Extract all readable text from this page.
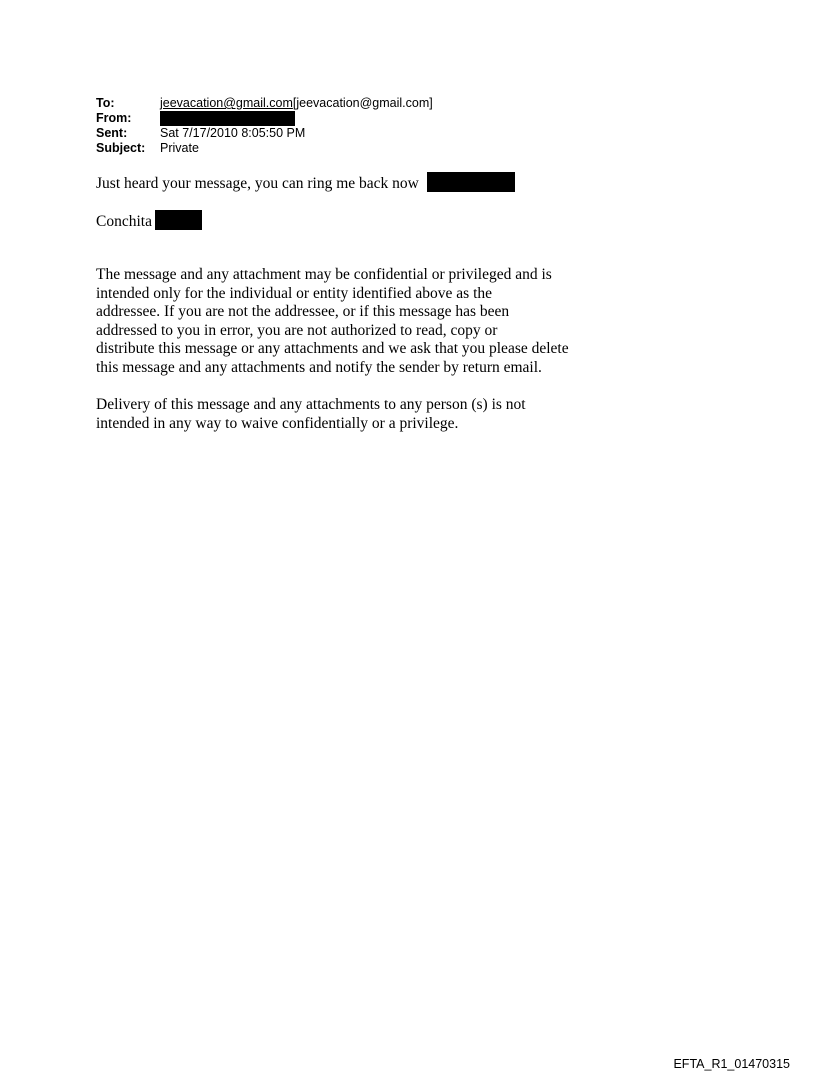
To:	jeevacation@gmail.com[jeevacation@gmail.com]
From:
Sent:	Sat 7/17/2010 8:05:50 PM
Subject:	Private
Just heard your message, you can ring me back now
Conchita
The message and any attachment may be confidential or privileged and is
intended only for the individual or entity identified above as the
addressee. If you are not the addressee, or if this message has been
addressed to you in error, you are not authorized to read, copy or
distribute this message or any attachments and we ask that you please delete
this message and any attachments and notify the sender by return email.
Delivery of this message and any attachments to any person (s) is not
intended in any way to waive confidentially or a privilege.
EFTA_R1_01470315
